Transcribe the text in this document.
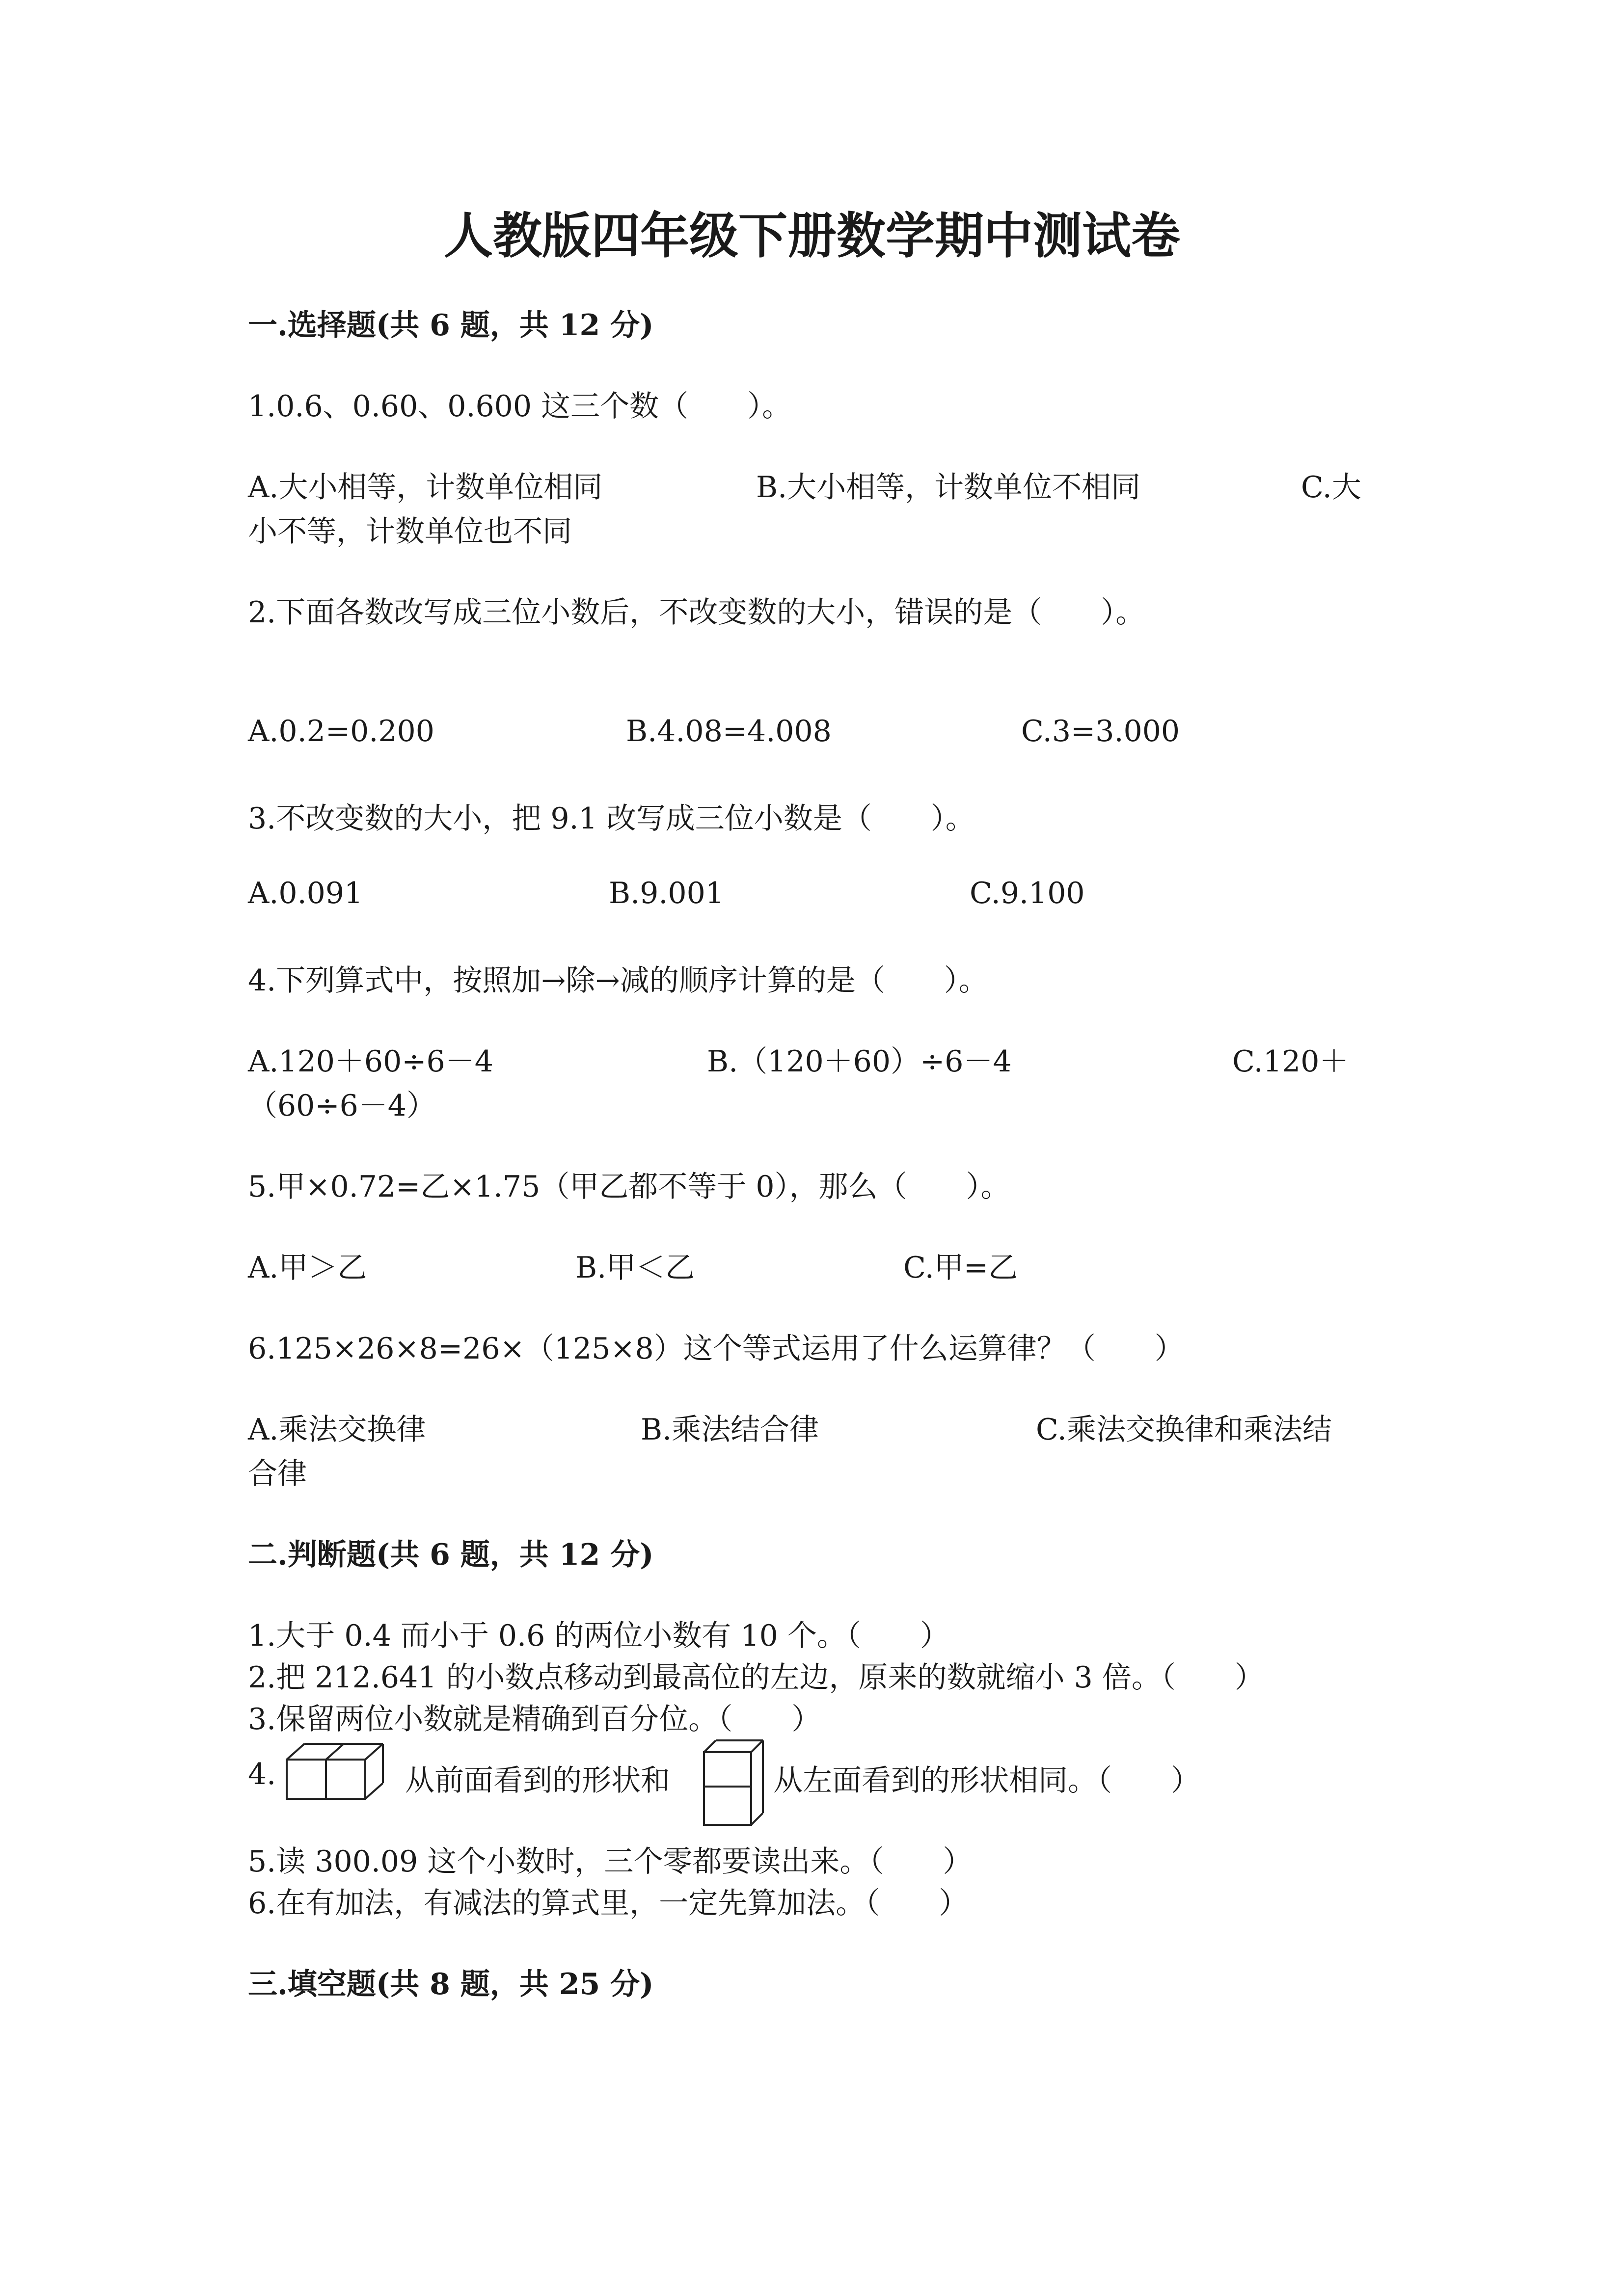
人教版四年级下册数学期中测试卷
一.选择题(共 6 题，共 12 分)
1.0.6、0.60、0.600 这三个数（　　）。
A.大小相等，计数单位相同	B.大小相等，计数单位不相同	C.大
小不等，计数单位也不同
2.下面各数改写成三位小数后，不改变数的大小，错误的是（　　）。
A.0.2=0.200	B.4.08=4.008	C.3=3.000
3.不改变数的大小，把 9.1 改写成三位小数是（　　）。
A.0.091	B.9.001	C.9.100
4.下列算式中，按照加→除→减的顺序计算的是（　　）。
A.120＋60÷6－4	B.（120＋60）÷6－4	C.120＋
（60÷6－4）
5.甲×0.72=乙×1.75（甲乙都不等于 0），那么（　　）。
A.甲＞乙	B.甲＜乙	C.甲=乙
6.125×26×8=26×（125×8）这个等式运用了什么运算律？（　　）
A.乘法交换律	B.乘法结合律	C.乘法交换律和乘法结
合律
二.判断题(共 6 题，共 12 分)
1.大于 0.4 而小于 0.6 的两位小数有 10 个。（　　）
2.把 212.641 的小数点移动到最高位的左边，原来的数就缩小 3 倍。（　　）
3.保留两位小数就是精确到百分位。（　　）
4.	从前面看到的形状和	从左面看到的形状相同。（　　）
5.读 300.09 这个小数时，三个零都要读出来。（　　）
6.在有加法，有减法的算式里，一定先算加法。（　　）
三.填空题(共 8 题，共 25 分)
